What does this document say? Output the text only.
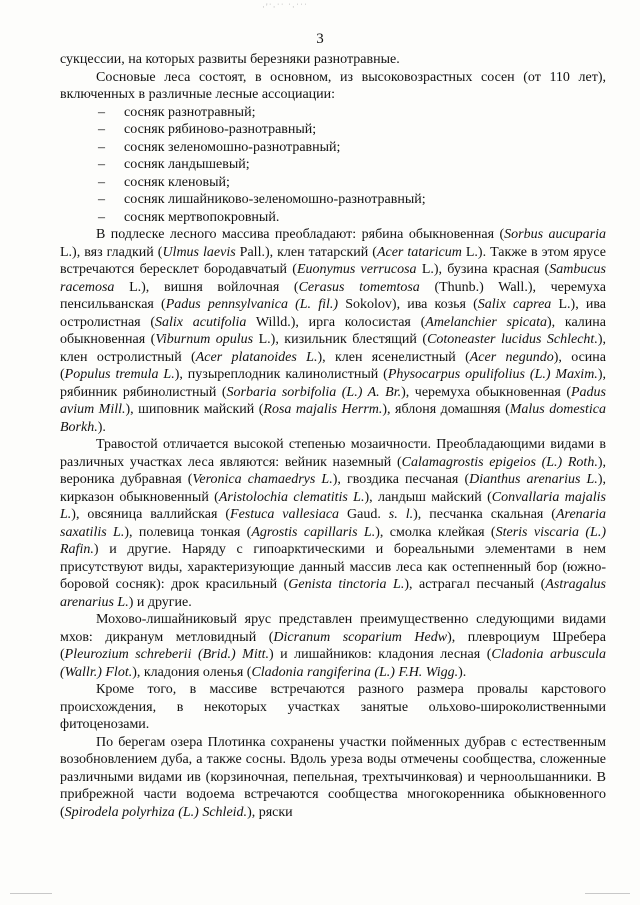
·'ˈ·ˈˈ ˈ·ˈˈˈ
3

сукцессии, на которых развиты березняки разнотравные.

Сосновые леса состоят, в основном, из высоковозрастных сосен (от 110 лет), включенных в различные лесные ассоциации:

– сосняк разнотравный;
– сосняк рябиново-разнотравный;
– сосняк зеленомошно-разнотравный;
– сосняк ландышевый;
– сосняк кленовый;
– сосняк лишайниково-зеленомошно-разнотравный;
– сосняк мертвопокровный.

В подлеске лесного массива преобладают: рябина обыкновенная (Sorbus aucuparia L.), вяз гладкий (Ulmus laevis Pall.), клен татарский (Acer tataricum L.). Также в этом ярусе встречаются бересклет бородавчатый (Euonymus verrucosa L.), бузина красная (Sambucus racemosa L.), вишня войлочная (Cerasus tomemtosa (Thunb.) Wall.), черемуха пенсильванская (Padus pennsylvanica (L. fil.) Sokolov), ива козья (Salix caprea L.), ива остролистная (Salix acutifolia Willd.), ирга колосистая (Amelanchier spicata), калина обыкновенная (Viburnum opulus L.), кизильник блестящий (Cotoneaster lucidus Schlecht.), клен остролистный (Acer platanoides L.), клен ясенелистный (Acer negundo), осина (Populus tremula L.), пузыреплодник калинолистный (Physocarpus opulifolius (L.) Maxim.), рябинник рябинолистный (Sorbaria sorbifolia (L.) A. Br.), черемуха обыкновенная (Padus avium Mill.), шиповник майский (Rosa majalis Herrm.), яблоня домашняя (Malus domestica Borkh.).

Травостой отличается высокой степенью мозаичности. Преобладающими видами в различных участках леса являются: вейник наземный (Calamagrostis epigeios (L.) Roth.), вероника дубравная (Veronica chamaedrys L.), гвоздика песчаная (Dianthus arenarius L.), кирказон обыкновенный (Aristolochia clematitis L.), ландыш майский (Convallaria majalis L.), овсяница валлийская (Festuca vallesiaca Gaud. s. l.), песчанка скальная (Arenaria saxatilis L.), полевица тонкая (Agrostis capillaris L.), смолка клейкая (Steris viscaria (L.) Rafin.) и другие. Наряду с гипоарктическими и бореальными элементами в нем присутствуют виды, характеризующие данный массив леса как остепненный бор (южно-боровой сосняк): дрок красильный (Genista tinctoria L.), астрагал песчаный (Astragalus arenarius L.) и другие.

Мохово-лишайниковый ярус представлен преимущественно следующими видами мхов: дикранум метловидный (Dicranum scoparium Hedw), плевроциум Шребера (Pleurozium schreberii (Brid.) Mitt.) и лишайников: кладония лесная (Cladonia arbuscula (Wallr.) Flot.), кладония оленья (Cladonia rangiferina (L.) F.H. Wigg.).

Кроме того, в массиве встречаются разного размера провалы карстового происхождения, в некоторых участках занятые ольхово-широколиственными фитоценозами.

По берегам озера Плотинка сохранены участки пойменных дубрав с естественным возобновлением дуба, а также сосны. Вдоль уреза воды отмечены сообщества, сложенные различными видами ив (корзиночная, пепельная, трехтычинковая) и черноольшанники. В прибрежной части водоема встречаются сообщества многокоренника обыкновенного (Spirodela polyrhiza (L.) Schleid.), ряски
